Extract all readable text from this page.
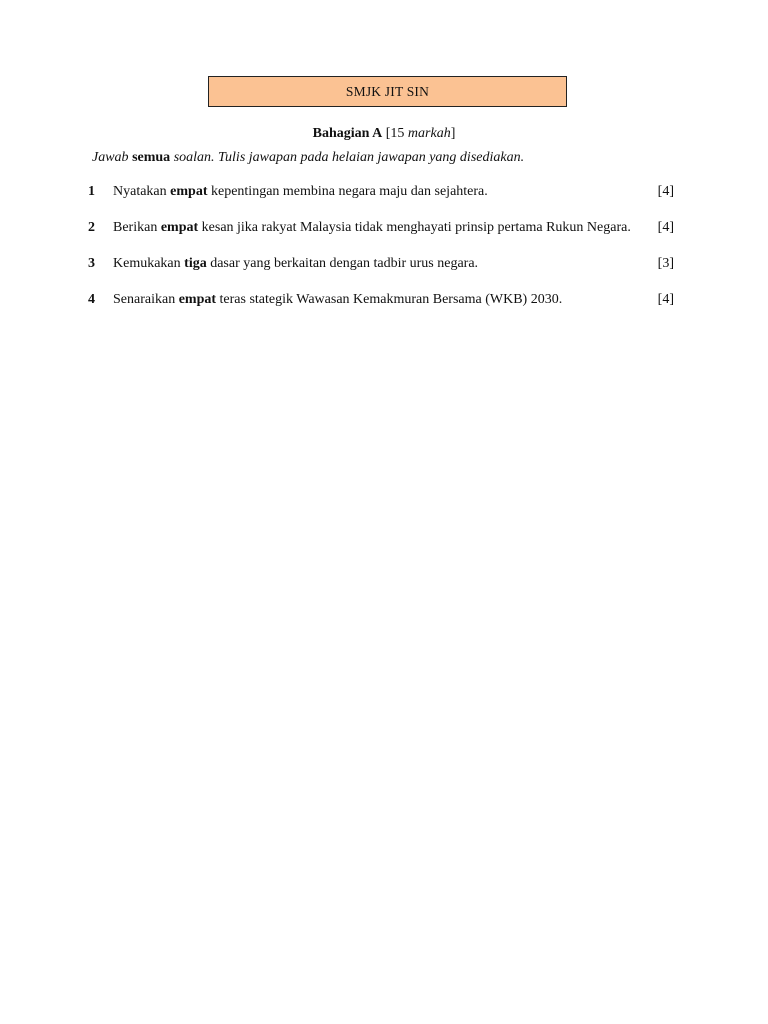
SMJK JIT SIN
Bahagian A [15 markah]
Jawab semua soalan. Tulis jawapan pada helaian jawapan yang disediakan.
1 Nyatakan empat kepentingan membina negara maju dan sejahtera.	[4]
2 Berikan empat kesan jika rakyat Malaysia tidak menghayati prinsip pertama Rukun Negara. [4]
3 Kemukakan tiga dasar yang berkaitan dengan tadbir urus negara.	[3]
4 Senaraikan empat teras stategik Wawasan Kemakmuran Bersama (WKB) 2030.	[4]
